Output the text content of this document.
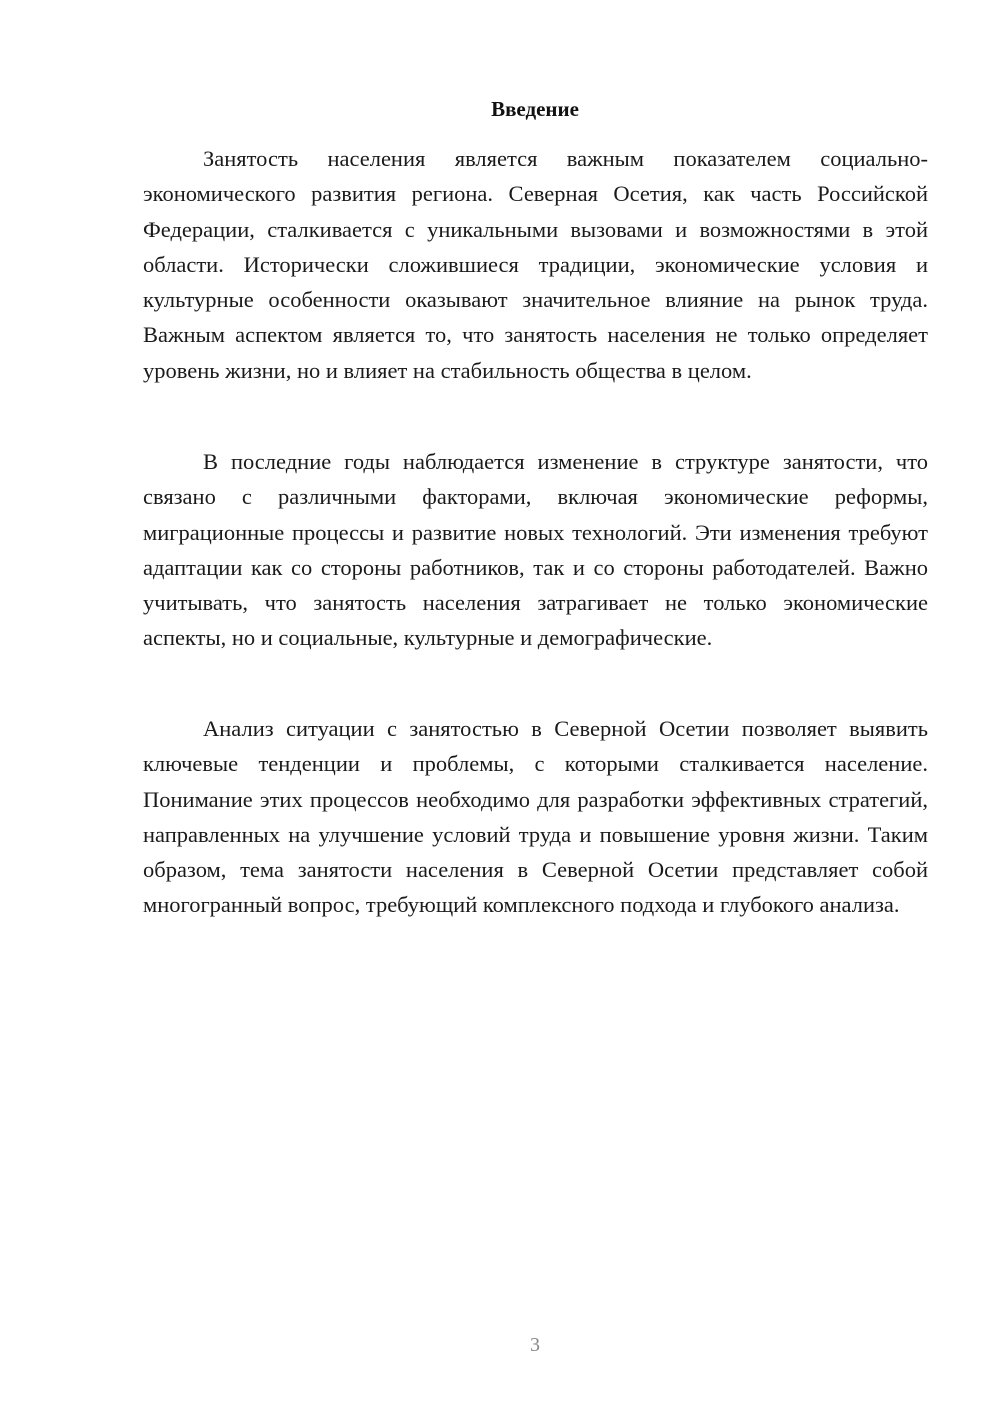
Введение

Занятость населения является важным показателем социально-экономического развития региона. Северная Осетия, как часть Российской Федерации, сталкивается с уникальными вызовами и возможностями в этой области. Исторически сложившиеся традиции, экономические условия и культурные особенности оказывают значительное влияние на рынок труда. Важным аспектом является то, что занятость населения не только определяет уровень жизни, но и влияет на стабильность общества в целом.

В последние годы наблюдается изменение в структуре занятости, что связано с различными факторами, включая экономические реформы, миграционные процессы и развитие новых технологий. Эти изменения требуют адаптации как со стороны работников, так и со стороны работодателей. Важно учитывать, что занятость населения затрагивает не только экономические аспекты, но и социальные, культурные и демографические.

Анализ ситуации с занятостью в Северной Осетии позволяет выявить ключевые тенденции и проблемы, с которыми сталкивается население. Понимание этих процессов необходимо для разработки эффективных стратегий, направленных на улучшение условий труда и повышение уровня жизни. Таким образом, тема занятости населения в Северной Осетии представляет собой многогранный вопрос, требующий комплексного подхода и глубокого анализа.

3
